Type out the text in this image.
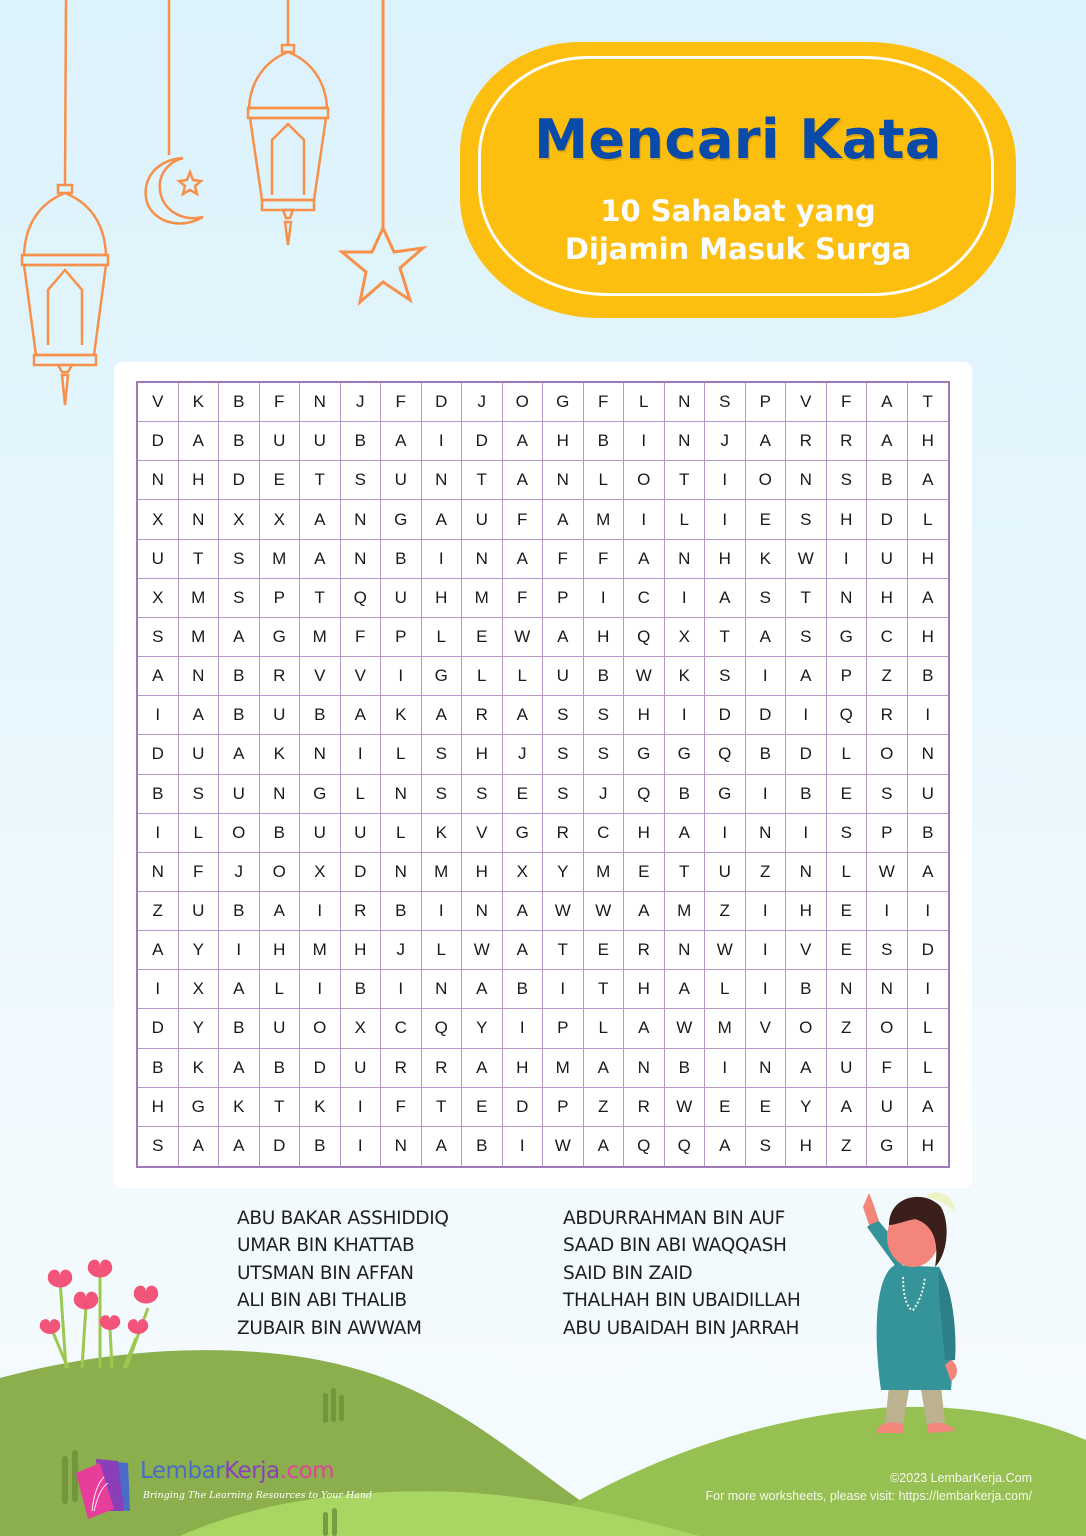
Mencari Kata
10 Sahabat yang
Dijamin Masuk Surga
V	K	B	F	N	J	F	D	J	O	G	F	L	N	S	P	V	F	A	T
D	A	B	U	U	B	A	I	D	A	H	B	I	N	J	A	R	R	A	H
N	H	D	E	T	S	U	N	T	A	N	L	O	T	I	O	N	S	B	A
X	N	X	X	A	N	G	A	U	F	A	M	I	L	I	E	S	H	D	L
U	T	S	M	A	N	B	I	N	A	F	F	A	N	H	K	W	I	U	H
X	M	S	P	T	Q	U	H	M	F	P	I	C	I	A	S	T	N	H	A
S	M	A	G	M	F	P	L	E	W	A	H	Q	X	T	A	S	G	C	H
A	N	B	R	V	V	I	G	L	L	U	B	W	K	S	I	A	P	Z	B
I	A	B	U	B	A	K	A	R	A	S	S	H	I	D	D	I	Q	R	I
D	U	A	K	N	I	L	S	H	J	S	S	G	G	Q	B	D	L	O	N
B	S	U	N	G	L	N	S	S	E	S	J	Q	B	G	I	B	E	S	U
I	L	O	B	U	U	L	K	V	G	R	C	H	A	I	N	I	S	P	B
N	F	J	O	X	D	N	M	H	X	Y	M	E	T	U	Z	N	L	W	A
Z	U	B	A	I	R	B	I	N	A	W	W	A	M	Z	I	H	E	I	I
A	Y	I	H	M	H	J	L	W	A	T	E	R	N	W	I	V	E	S	D
I	X	A	L	I	B	I	N	A	B	I	T	H	A	L	I	B	N	N	I
D	Y	B	U	O	X	C	Q	Y	I	P	L	A	W	M	V	O	Z	O	L
B	K	A	B	D	U	R	R	A	H	M	A	N	B	I	N	A	U	F	L
H	G	K	T	K	I	F	T	E	D	P	Z	R	W	E	E	Y	A	U	A
S	A	A	D	B	I	N	A	B	I	W	A	Q	Q	A	S	H	Z	G	H
ABU BAKAR ASSHIDDIQ
UMAR BIN KHATTAB
UTSMAN BIN AFFAN
ALI BIN ABI THALIB
ZUBAIR BIN AWWAM
ABDURRAHMAN BIN AUF
SAAD BIN ABI WAQQASH
SAID BIN ZAID
THALHAH BIN UBAIDILLAH
ABU UBAIDAH BIN JARRAH
LembarKerja.com
Bringing The Learning Resources to Your Hand
©2023 LembarKerja.Com
For more worksheets, please visit: https://lembarkerja.com/
